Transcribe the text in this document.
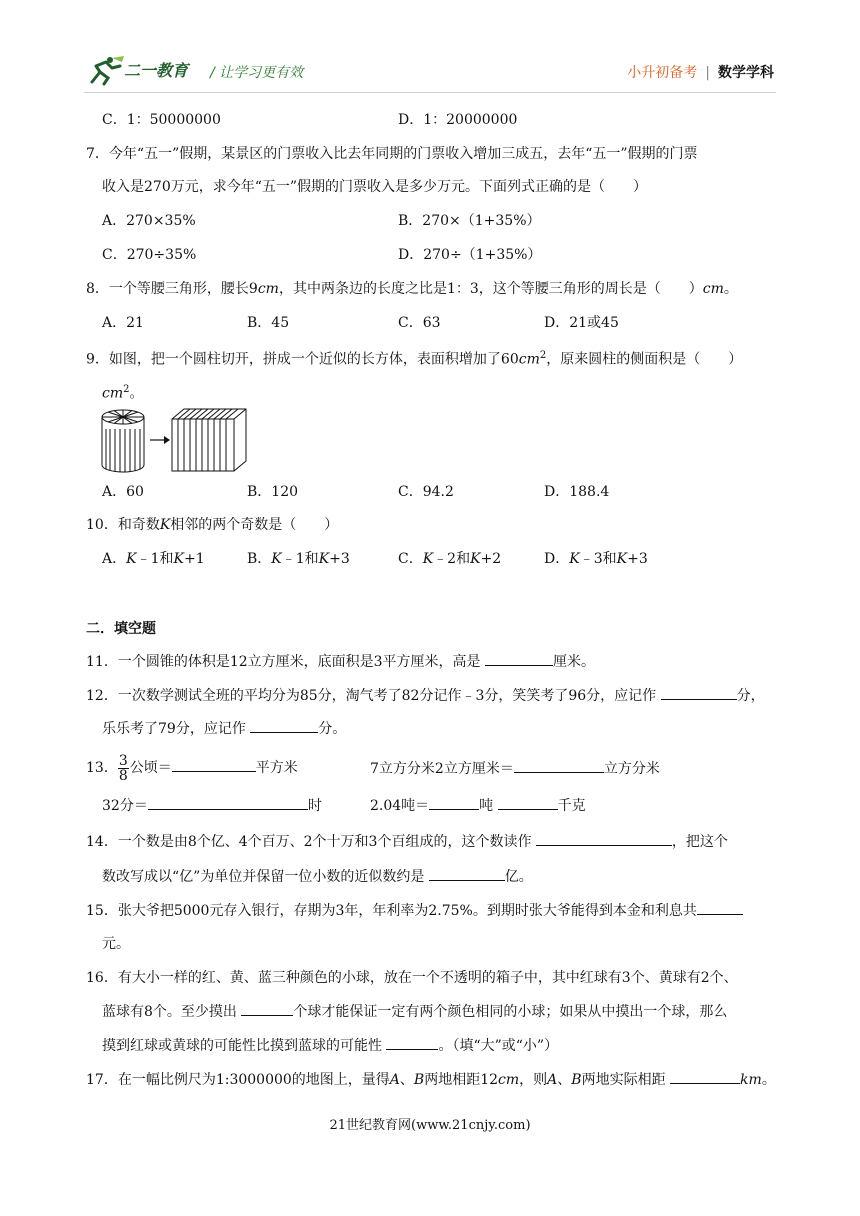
二一教育 / 让学习更有效	小升初备考 | 数学学科
C．1：50000000	D．1：20000000
7．今年“五一”假期，某景区的门票收入比去年同期的门票收入增加三成五，去年“五一”假期的门票
收入是270万元，求今年“五一”假期的门票收入是多少万元。下面列式正确的是（　　）
A．270×35%	B．270×（1+35%）
C．270÷35%	D．270÷（1+35%）
8．一个等腰三角形，腰长9cm，其中两条边的长度之比是1：3，这个等腰三角形的周长是（　　）cm。
A．21	B．45	C．63	D．21或45
9．如图，把一个圆柱切开，拼成一个近似的长方体，表面积增加了$60cm^2$，原来圆柱的侧面积是（　　）
$cm^2$。
A．60	B．120	C．94.2	D．188.4
10．和奇数K相邻的两个奇数是（　　）
A．K﹣1和K+1	B．K﹣1和K+3	C．K﹣2和K+2	D．K﹣3和K+3
二．填空题
11．一个圆锥的体积是12立方厘米，底面积是3平方厘米，高是	厘米。
12．一次数学测试全班的平均分为85分，淘气考了82分记作﹣3分，笑笑考了96分，应记作	分，
乐乐考了79分，应记作	分。
13． $\frac{3}{8}$ 公顷＝	平方米	7立方分米2立方厘米＝	立方分米
32分＝	时	2.04吨＝	吨	千克
14．一个数是由8个亿、4个百万、2个十万和3个百组成的，这个数读作	，把这个
数改写成以“亿”为单位并保留一位小数的近似数约是	亿。
15．张大爷把5000元存入银行，存期为3年，年利率为2.75%。到期时张大爷能得到本金和利息共
元。
16．有大小一样的红、黄、蓝三种颜色的小球，放在一个不透明的箱子中，其中红球有3个、黄球有2个、
蓝球有8个。至少摸出	个球才能保证一定有两个颜色相同的小球；如果从中摸出一个球，那么
摸到红球或黄球的可能性比摸到蓝球的可能性	。（填“大”或“小”）
17．在一幅比例尺为1:3000000的地图上，量得A、B两地相距12cm，则A、B两地实际相距	km。
21世纪教育网(www.21cnjy.com)
